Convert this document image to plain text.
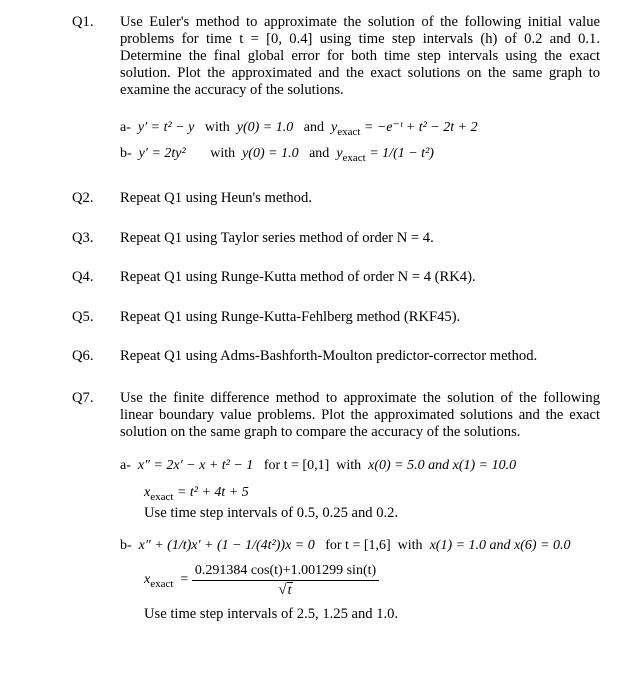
Q1. Use Euler's method to approximate the solution of the following initial value problems for time t = [0, 0.4] using time step intervals (h) of 0.2 and 0.1. Determine the final global error for both time step intervals using the exact solution. Plot the approximated and the exact solutions on the same graph to examine the accuracy of the solutions.
a- y′ = t² − y with y(0) = 1.0 and $y_{exact}$ = −e⁻ᵗ + t² − 2t + 2
b- y′ = 2ty² with y(0) = 1.0 and $y_{exact} = 1/(1 - t^2)$
Q2. Repeat Q1 using Heun's method.
Q3. Repeat Q1 using Taylor series method of order N = 4.
Q4. Repeat Q1 using Runge-Kutta method of order N = 4 (RK4).
Q5. Repeat Q1 using Runge-Kutta-Fehlberg method (RKF45).
Q6. Repeat Q1 using Adms-Bashforth-Moulton predictor-corrector method.
Q7. Use the finite difference method to approximate the solution of the following linear boundary value problems. Plot the approximated solutions and the exact solution on the same graph to compare the accuracy of the solutions.
a- x″ = 2x′ − x + t² − 1 for t = [0,1] with x(0) = 5.0 and x(1) = 10.0
$x_{exact} = t^2 + 4t + 5$
Use time step intervals of 0.5, 0.25 and 0.2.
b- x″ + (1/t)x′ + (1 − 1/(4t²))x = 0 for t = [1,6] with x(1) = 1.0 and x(6) = 0.0
$x_{exact} = \frac{0.291384 \cos(t)+1.001299 \sin(t)}{√t}$
Use time step intervals of 2.5, 1.25 and 1.0.
